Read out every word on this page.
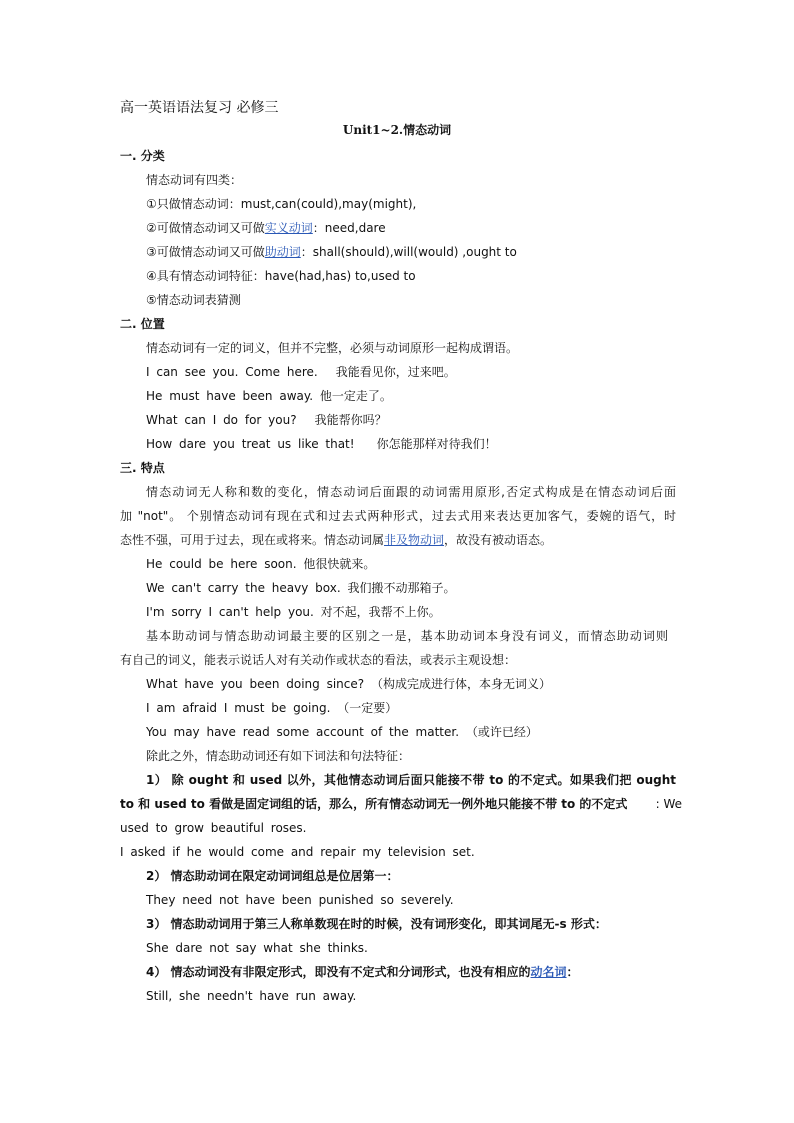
高一英语语法复习 必修三
Unit1~2.情态动词
一. 分类
情态动词有四类：
①只做情态动词：must,can(could),may(might),
②可做情态动词又可做实义动词：need,dare
③可做情态动词又可做助动词：shall(should),will(would) ,ought to
④具有情态动词特征：have(had,has) to,used to
⑤情态动词表猜测
二. 位置
情态动词有一定的词义，但并不完整，必须与动词原形一起构成谓语。
I can see you. Come here. 我能看见你，过来吧。
He must have been away. 他一定走了。
What can I do for you? 我能帮你吗？
How dare you treat us like that! 你怎能那样对待我们！
三. 特点
情态动词无人称和数的变化，情态动词后面跟的动词需用原形,否定式构成是在情态动词后面
加 "not"。 个别情态动词有现在式和过去式两种形式，过去式用来表达更加客气，委婉的语气，时
态性不强，可用于过去，现在或将来。情态动词属非及物动词，故没有被动语态。
He could be here soon. 他很快就来。
We can't carry the heavy box. 我们搬不动那箱子。
I'm sorry I can't help you. 对不起，我帮不上你。
基本助动词与情态助动词最主要的区别之一是，基本助动词本身没有词义，而情态助动词则
有自己的词义，能表示说话人对有关动作或状态的看法，或表示主观设想：
What have you been doing since? （构成完成进行体，本身无词义）
I am afraid I must be going. （一定要）
You may have read some account of the matter. （或许已经）
除此之外，情态助动词还有如下词法和句法特征：
1） 除 ought 和 used 以外，其他情态动词后面只能接不带 to 的不定式。如果我们把 ought
to 和 used to 看做是固定词组的话，那么，所有情态动词无一例外地只能接不带 to 的不定式 : We
used to grow beautiful roses.
I asked if he would come and repair my television set.
2） 情态助动词在限定动词词组总是位居第一：
They need not have been punished so severely.
3） 情态助动词用于第三人称单数现在时的时候，没有词形变化，即其词尾无-s 形式：
She dare not say what she thinks.
4） 情态动词没有非限定形式，即没有不定式和分词形式，也没有相应的动名词：
Still, she needn't have run away.
